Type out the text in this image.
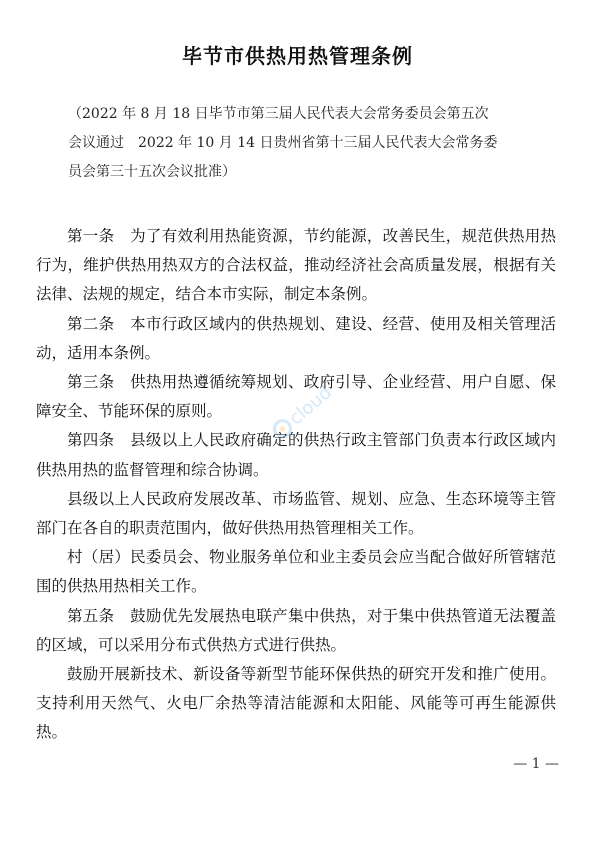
毕节市供热用热管理条例
（2022 年 8 月 18 日毕节市第三届人民代表大会常务委员会第五次
会议通过　2022 年 10 月 14 日贵州省第十三届人民代表大会常务委
员会第三十五次会议批准）
cloud

第一条　为了有效利用热能资源，节约能源，改善民生，规范供热用热行为，维护供热用热双方的合法权益，推动经济社会高质量发展，根据有关法律、法规的规定，结合本市实际，制定本条例。

第二条　本市行政区域内的供热规划、建设、经营、使用及相关管理活动，适用本条例。

第三条　供热用热遵循统筹规划、政府引导、企业经营、用户自愿、保障安全、节能环保的原则。

第四条　县级以上人民政府确定的供热行政主管部门负责本行政区域内供热用热的监督管理和综合协调。

县级以上人民政府发展改革、市场监管、规划、应急、生态环境等主管部门在各自的职责范围内，做好供热用热管理相关工作。

村（居）民委员会、物业服务单位和业主委员会应当配合做好所管辖范围的供热用热相关工作。

第五条　鼓励优先发展热电联产集中供热，对于集中供热管道无法覆盖的区域，可以采用分布式供热方式进行供热。

鼓励开展新技术、新设备等新型节能环保供热的研究开发和推广使用。支持利用天然气、火电厂余热等清洁能源和太阳能、风能等可再生能源供热。

— 1 —
